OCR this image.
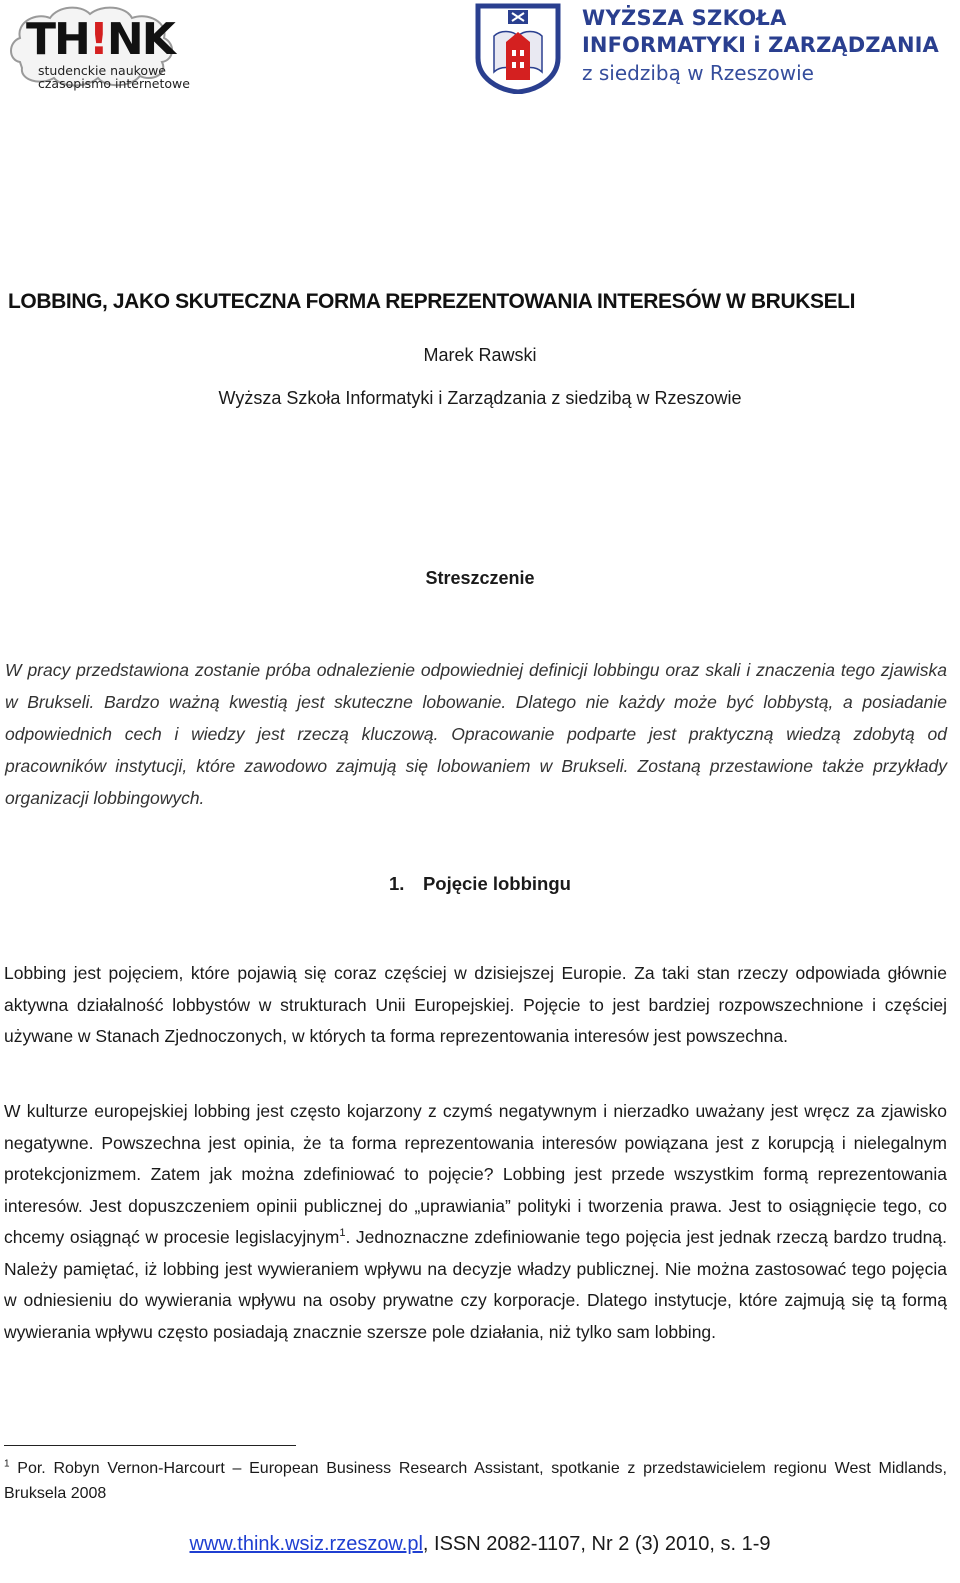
TH!NK
studenckie naukowe
czasopismo internetowe
WYŻSZA SZKOŁA
INFORMATYKI i ZARZĄDZANIA
z siedzibą w Rzeszowie
LOBBING, JAKO SKUTECZNA FORMA REPREZENTOWANIA INTERESÓW W BRUKSELI
Marek Rawski
Wyższa Szkoła Informatyki i Zarządzania z siedzibą w Rzeszowie
Streszczenie
W pracy przedstawiona zostanie próba odnalezienie odpowiedniej definicji lobbingu oraz skali i znaczenia tego zjawiska w Brukseli. Bardzo ważną kwestią jest skuteczne lobowanie. Dlatego nie każdy może być lobbystą, a posiadanie odpowiednich cech i wiedzy jest rzeczą kluczową. Opracowanie podparte jest praktyczną wiedzą zdobytą od pracowników instytucji, które zawodowo zajmują się lobowaniem w Brukseli. Zostaną przestawione także przykłady organizacji lobbingowych.
1. Pojęcie lobbingu

Lobbing jest pojęciem, które pojawią się coraz częściej w dzisiejszej Europie. Za taki stan rzeczy odpowiada głównie aktywna działalność lobbystów w strukturach Unii Europejskiej. Pojęcie to jest bardziej rozpowszechnione i częściej używane w Stanach Zjednoczonych, w których ta forma reprezentowania interesów jest powszechna.

W kulturze europejskiej lobbing jest często kojarzony z czymś negatywnym i nierzadko uważany jest wręcz za zjawisko negatywne. Powszechna jest opinia, że ta forma reprezentowania interesów powiązana jest z korupcją i nielegalnym protekcjonizmem. Zatem jak można zdefiniować to pojęcie? Lobbing jest przede wszystkim formą reprezentowania interesów. Jest dopuszczeniem opinii publicznej do „uprawiania” polityki i tworzenia prawa. Jest to osiągnięcie tego, co chcemy osiągnąć w procesie legislacyjnym$^1$. Jednoznaczne zdefiniowanie tego pojęcia jest jednak rzeczą bardzo trudną. Należy pamiętać, iż lobbing jest wywieraniem wpływu na decyzje władzy publicznej. Nie można zastosować tego pojęcia w odniesieniu do wywierania wpływu na osoby prywatne czy korporacje. Dlatego instytucje, które zajmują się tą formą wywierania wpływu często posiadają znacznie szersze pole działania, niż tylko sam lobbing.

$^1$ Por. Robyn Vernon-Harcourt – European Business Research Assistant, spotkanie z przedstawicielem regionu West Midlands, Bruksela 2008
www.think.wsiz.rzeszow.pl, ISSN 2082-1107, Nr 2 (3) 2010, s. 1-9
